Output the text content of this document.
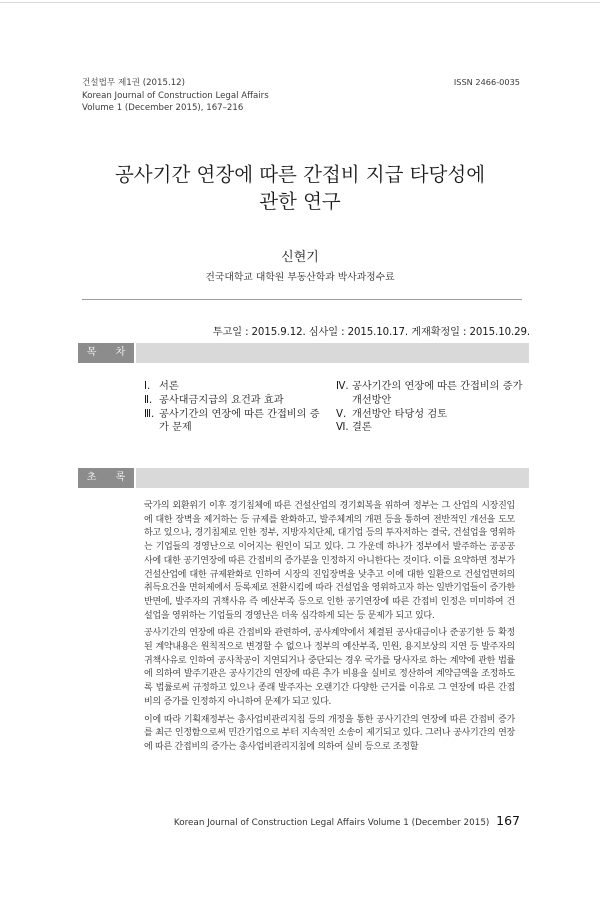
건설법무 제1권 (2015.12)
Korean Journal of Construction Legal Affairs
Volume 1 (December 2015), 167–216
ISSN 2466-0035
공사기간 연장에 따른 간접비 지급 타당성에
관한 연구
신현기
건국대학교 대학원 부동산학과 박사과정수료
투고일 : 2015.9.12. 심사일 : 2015.10.17. 게재확정일 : 2015.10.29.
목 차
Ⅰ. 서론
Ⅱ. 공사대금지급의 요건과 효과
Ⅲ. 공사기간의 연장에 따른 간접비의 증가 문제
Ⅳ. 공사기간의 연장에 따른 간접비의 증가개선방안
Ⅴ. 개선방안 타당성 검토
Ⅵ. 결론
초 록

국가의 외환위기 이후 경기침체에 따른 건설산업의 경기회복을 위하여 정부는 그 산업의 시장진입에 대한 장벽을 제거하는 등 규제를 완화하고, 발주체계의 개편 등을 통하여 전반적인 개선을 도모하고 있으나, 경기침체로 인한 정부, 지방자치단체, 대기업 등의 투자저하는 결국, 건설업을 영위하는 기업들의 경영난으로 이어지는 원인이 되고 있다. 그 가운데 하나가 정부에서 발주하는 공공공사에 대한 공기연장에 따른 간접비의 증가분을 인정하지 아니한다는 것이다. 이를 요약하면 정부가 건설산업에 대한 규제완화로 인하여 시장의 진입장벽을 낮추고 이에 대한 일환으로 건설업면허의 취득요건을 면허제에서 등록제로 전환시킴에 따라 건설업을 영위하고자 하는 일반기업들이 증가한 반면에, 발주자의 귀책사유 즉 예산부족 등으로 인한 공기연장에 따른 간접비 인정은 미미하여 건설업을 영위하는 기업들의 경영난은 더욱 심각하게 되는 등 문제가 되고 있다.

공사기간의 연장에 따른 간접비와 관련하여, 공사계약에서 체결된 공사대금이나 준공기한 등 확정된 계약내용은 원칙적으로 변경할 수 없으나 정부의 예산부족, 민원, 용지보상의 지연 등 발주자의 귀책사유로 인하여 공사착공이 지연되거나 중단되는 경우 국가를 당사자로 하는 계약에 관한 법률에 의하여 발주기관은 공사기간의 연장에 따른 추가 비용을 실비로 정산하여 계약금액을 조정하도록 법률로써 규정하고 있으나 종래 발주자는 오랜기간 다양한 근거를 이유로 그 연장에 따른 간접비의 증가를 인정하지 아니하여 문제가 되고 있다.

이에 따라 기획재정부는 총사업비관리지침 등의 개정을 통한 공사기간의 연장에 따른 간접비 증가를 최근 인정함으로써 민간기업으로 부터 지속적인 소송이 제기되고 있다. 그러나 공사기간의 연장에 따른 간접비의 증가는 총사업비관리지침에 의하여 실비 등으로 조정할

Korean Journal of Construction Legal Affairs Volume 1 (December 2015) 167
